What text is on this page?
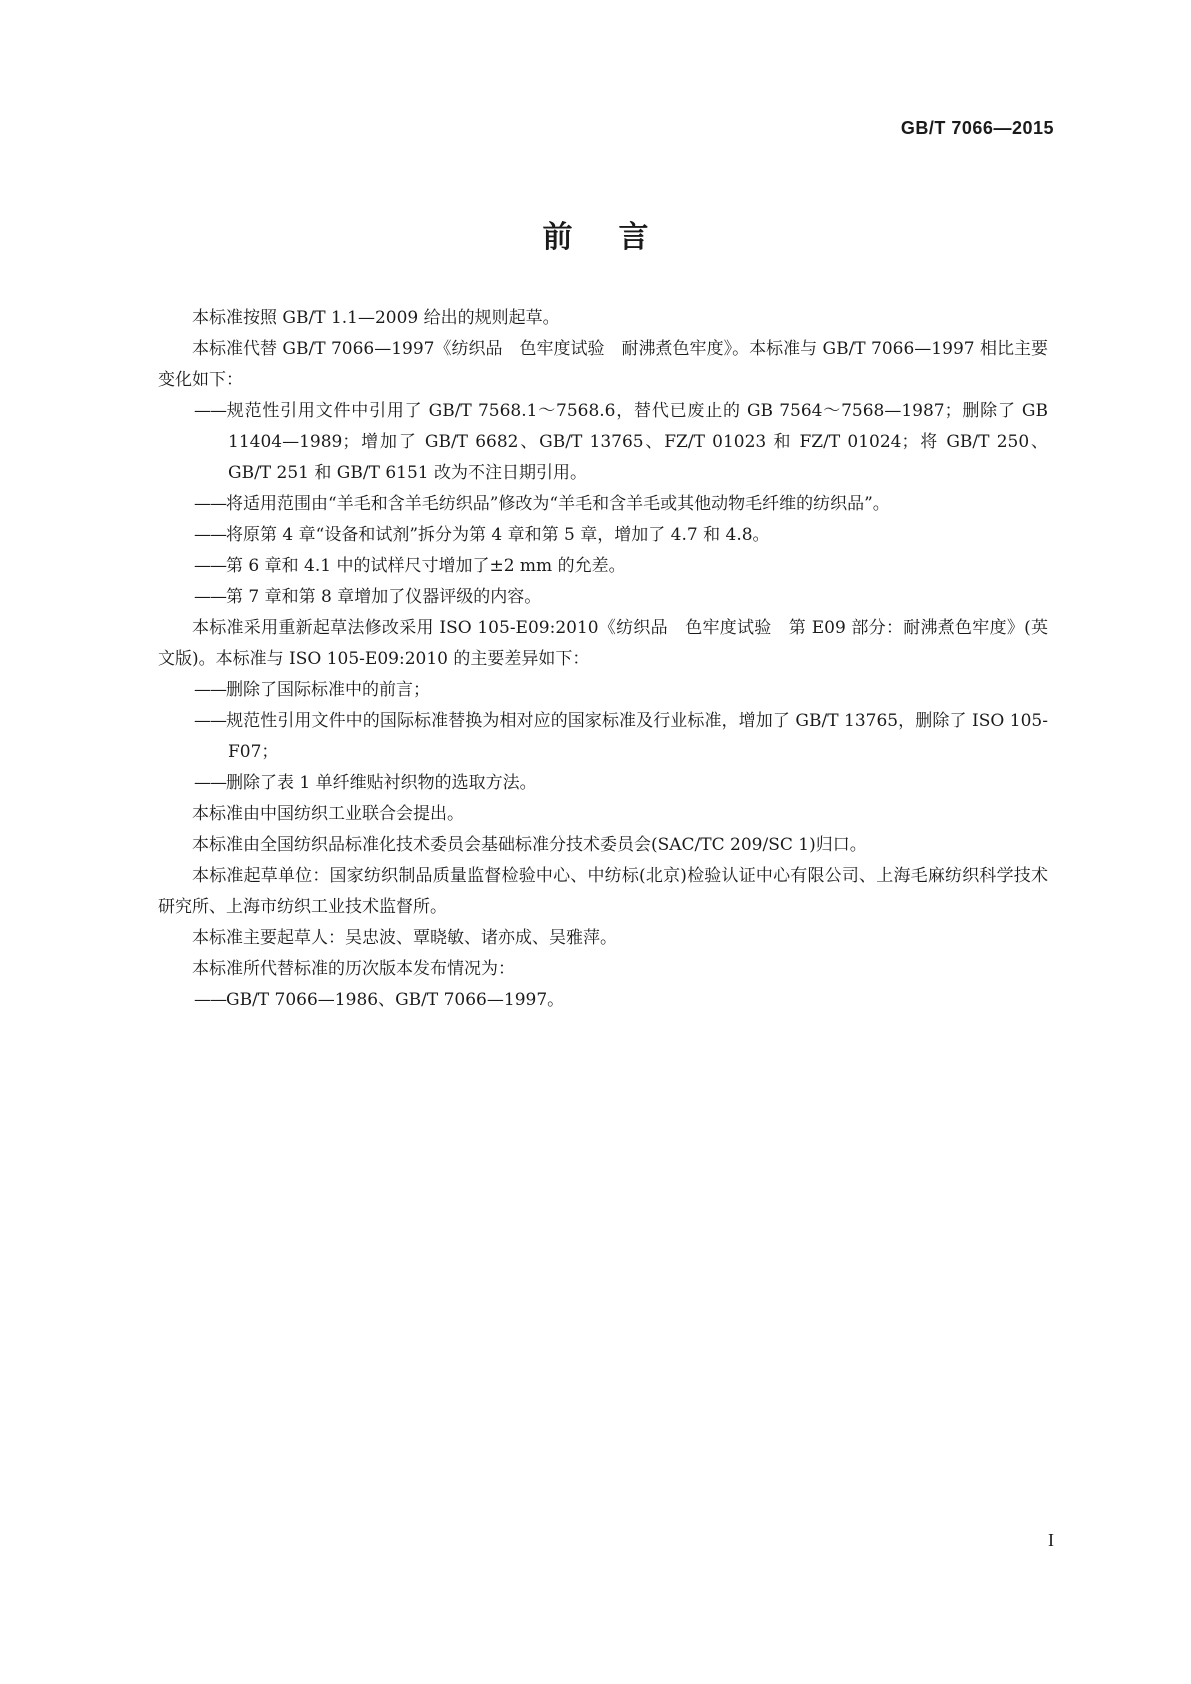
GB/T 7066—2015
前言

本标准按照 GB/T 1.1—2009 给出的规则起草。

本标准代替 GB/T 7066—1997《纺织品　色牢度试验　耐沸煮色牢度》。本标准与 GB/T 7066—1997 相比主要变化如下：

——规范性引用文件中引用了 GB/T 7568.1～7568.6，替代已废止的 GB 7564～7568—1987；删除了 GB 11404—1989；增加了 GB/T 6682、GB/T 13765、FZ/T 01023 和 FZ/T 01024；将 GB/T 250、GB/T 251 和 GB/T 6151 改为不注日期引用。

——将适用范围由“羊毛和含羊毛纺织品”修改为“羊毛和含羊毛或其他动物毛纤维的纺织品”。

——将原第 4 章“设备和试剂”拆分为第 4 章和第 5 章，增加了 4.7 和 4.8。

——第 6 章和 4.1 中的试样尺寸增加了±2 mm 的允差。

——第 7 章和第 8 章增加了仪器评级的内容。

本标准采用重新起草法修改采用 ISO 105-E09:2010《纺织品　色牢度试验　第 E09 部分：耐沸煮色牢度》(英文版)。本标准与 ISO 105-E09:2010 的主要差异如下：

——删除了国际标准中的前言；

——规范性引用文件中的国际标准替换为相对应的国家标准及行业标准，增加了 GB/T 13765，删除了 ISO 105-F07；

——删除了表 1 单纤维贴衬织物的选取方法。

本标准由中国纺织工业联合会提出。

本标准由全国纺织品标准化技术委员会基础标准分技术委员会(SAC/TC 209/SC 1)归口。

本标准起草单位：国家纺织制品质量监督检验中心、中纺标(北京)检验认证中心有限公司、上海毛麻纺织科学技术研究所、上海市纺织工业技术监督所。

本标准主要起草人：吴忠波、覃晓敏、诸亦成、吴雅萍。

本标准所代替标准的历次版本发布情况为：

——GB/T 7066—1986、GB/T 7066—1997。

I
